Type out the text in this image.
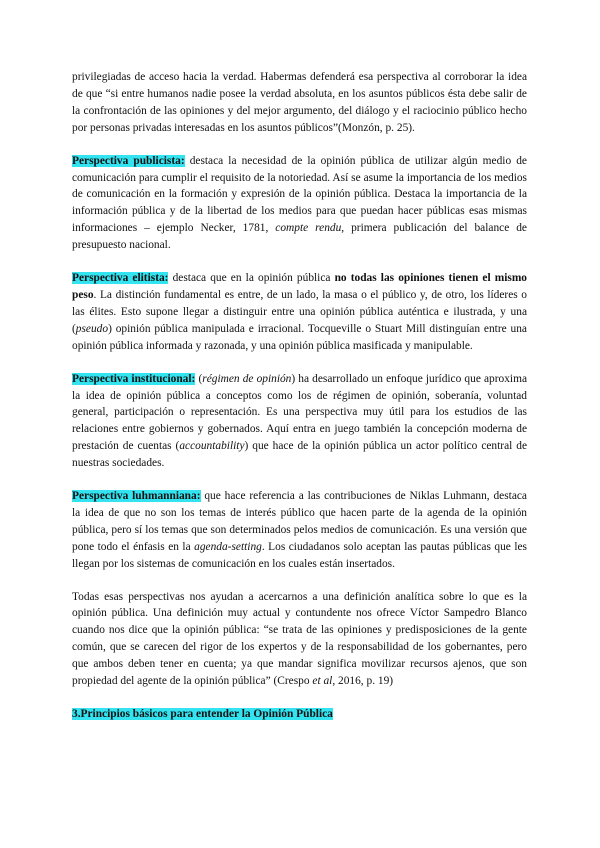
privilegiadas de acceso hacia la verdad. Habermas defenderá esa perspectiva al corroborar la idea de que “si entre humanos nadie posee la verdad absoluta, en los asuntos públicos ésta debe salir de la confrontación de las opiniones y del mejor argumento, del diálogo y el raciocinio público hecho por personas privadas interesadas en los asuntos públicos”(Monzón, p. 25).

Perspectiva publicista: destaca la necesidad de la opinión pública de utilizar algún medio de comunicación para cumplir el requisito de la notoriedad. Así se asume la importancia de los medios de comunicación en la formación y expresión de la opinión pública. Destaca la importancia de la información pública y de la libertad de los medios para que puedan hacer públicas esas mismas informaciones – ejemplo Necker, 1781, compte rendu, primera publicación del balance de presupuesto nacional.

Perspectiva elitista: destaca que en la opinión pública no todas las opiniones tienen el mismo peso. La distinción fundamental es entre, de un lado, la masa o el público y, de otro, los líderes o las élites. Esto supone llegar a distinguir entre una opinión pública auténtica e ilustrada, y una (pseudo) opinión pública manipulada e irracional. Tocqueville o Stuart Mill distinguían entre una opinión pública informada y razonada, y una opinión pública masificada y manipulable.

Perspectiva institucional: (régimen de opinión) ha desarrollado un enfoque jurídico que aproxima la idea de opinión pública a conceptos como los de régimen de opinión, soberanía, voluntad general, participación o representación. Es una perspectiva muy útil para los estudios de las relaciones entre gobiernos y gobernados. Aquí entra en juego también la concepción moderna de prestación de cuentas (accountability) que hace de la opinión pública un actor político central de nuestras sociedades.

Perspectiva luhmanniana: que hace referencia a las contribuciones de Niklas Luhmann, destaca la idea de que no son los temas de interés público que hacen parte de la agenda de la opinión pública, pero sí los temas que son determinados pelos medios de comunicación. Es una versión que pone todo el énfasis en la agenda-setting. Los ciudadanos solo aceptan las pautas públicas que les llegan por los sistemas de comunicación en los cuales están insertados.

Todas esas perspectivas nos ayudan a acercarnos a una definición analítica sobre lo que es la opinión pública. Una definición muy actual y contundente nos ofrece Víctor Sampedro Blanco cuando nos dice que la opinión pública: “se trata de las opiniones y predisposiciones de la gente común, que se carecen del rigor de los expertos y de la responsabilidad de los gobernantes, pero que ambos deben tener en cuenta; ya que mandar significa movilizar recursos ajenos, que son propiedad del agente de la opinión pública” (Crespo et al, 2016, p. 19)

3.Principios básicos para entender la Opinión Pública
